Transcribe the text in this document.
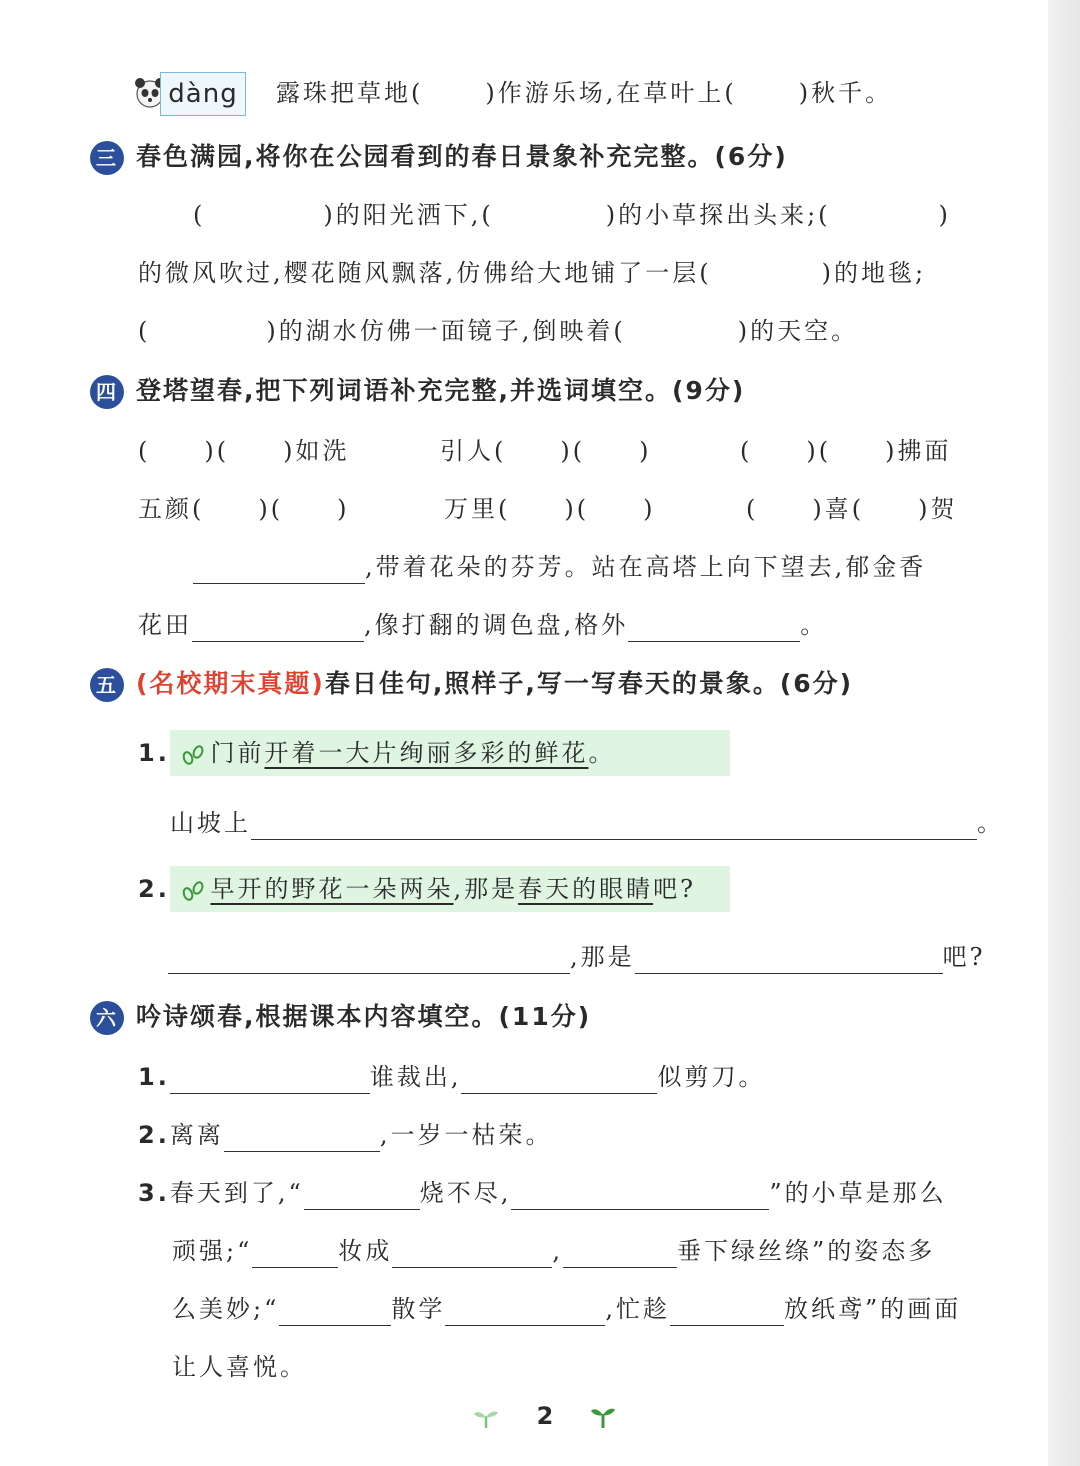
dàng	露珠把草地(	)作游乐场,在草叶上(	)秋千。
三 春色满园,将你在公园看到的春日景象补充完整。(6分)
(	)的阳光洒下,(	)的小草探出头来;(	)
的微风吹过,樱花随风飘落,仿佛给大地铺了一层(	)的地毯;
(	)的湖水仿佛一面镜子,倒映着(	)的天空。
四 登塔望春,把下列词语补充完整,并选词填空。(9分)
(　　)(　　)如洗	引人(　　)(　　)	(　　)(　　)拂面
五颜(　　)(　　)	万里(　　)(　　)	(　　)喜(　　)贺
,带着花朵的芬芳。站在高塔上向下望去,郁金香
花田	,像打翻的调色盘,格外	。
五 (名校期末真题)春日佳句,照样子,写一写春天的景象。(6分)
1. 门前开着一大片绚丽多彩的鲜花。
山坡上	。
2. 早开的野花一朵两朵,那是春天的眼睛吧?
,那是	吧?
六 吟诗颂春,根据课本内容填空。(11分)
1.	谁裁出,	似剪刀。
2.离离	,一岁一枯荣。
3.春天到了,“	烧不尽,	”的小草是那么
顽强;“	妆成	,	垂下绿丝绦”的姿态多
么美妙;“	散学	,忙趁	放纸鸢”的画面
让人喜悦。
2
